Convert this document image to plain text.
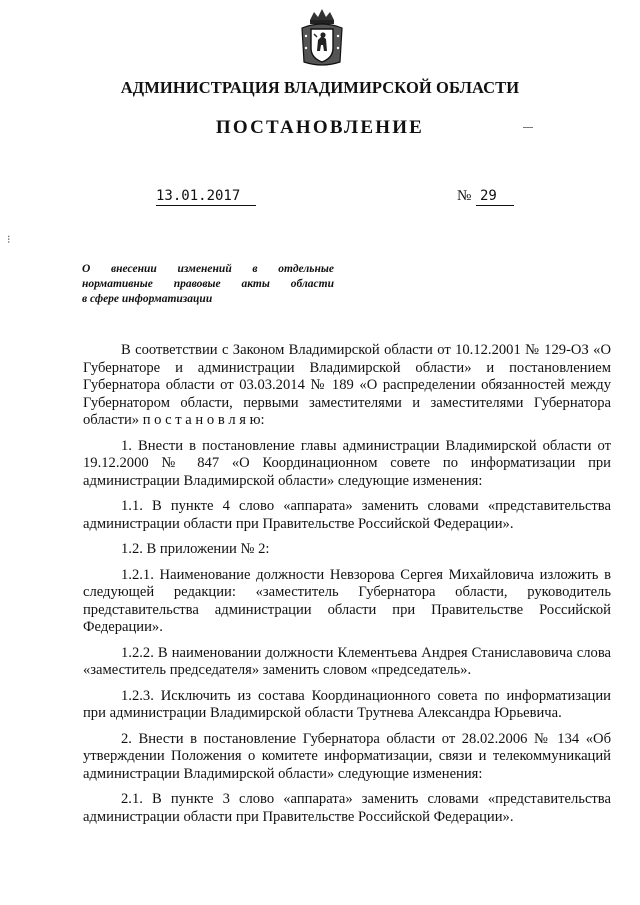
АДМИНИСТРАЦИЯ ВЛАДИМИРСКОЙ ОБЛАСТИ
ПОСТАНОВЛЕНИЕ
13.01.2017	№ 29
⁝
О внесении изменений в отдельные
нормативные правовые акты области
в сфере информатизации

В соответствии с Законом Владимирской области от 10.12.2001 № 129-ОЗ «О Губернаторе и администрации Владимирской области» и постановлением Губернатора области от 03.03.2014 № 189 «О распределении обязанностей между Губернатором области, первыми заместителями и заместителями Губернатора области» п о с т а н о в л я ю:

1. Внести в постановление главы администрации Владимирской области от 19.12.2000 № 847 «О Координационном совете по информатизации при администрации Владимирской области» следующие изменения:

1.1. В пункте 4 слово «аппарата» заменить словами «представительства администрации области при Правительстве Российской Федерации».

1.2. В приложении № 2:

1.2.1. Наименование должности Невзорова Сергея Михайловича изложить в следующей редакции: «заместитель Губернатора области, руководитель представительства администрации области при Правительстве Российской Федерации».

1.2.2. В наименовании должности Клементьева Андрея Станиславовича слова «заместитель председателя» заменить словом «председатель».

1.2.3. Исключить из состава Координационного совета по информатизации при администрации Владимирской области Трутнева Александра Юрьевича.

2. Внести в постановление Губернатора области от 28.02.2006 № 134 «Об утверждении Положения о комитете информатизации, связи и телекоммуникаций администрации Владимирской области» следующие изменения:

2.1. В пункте 3 слово «аппарата» заменить словами «представительства администрации области при Правительстве Российской Федерации».
